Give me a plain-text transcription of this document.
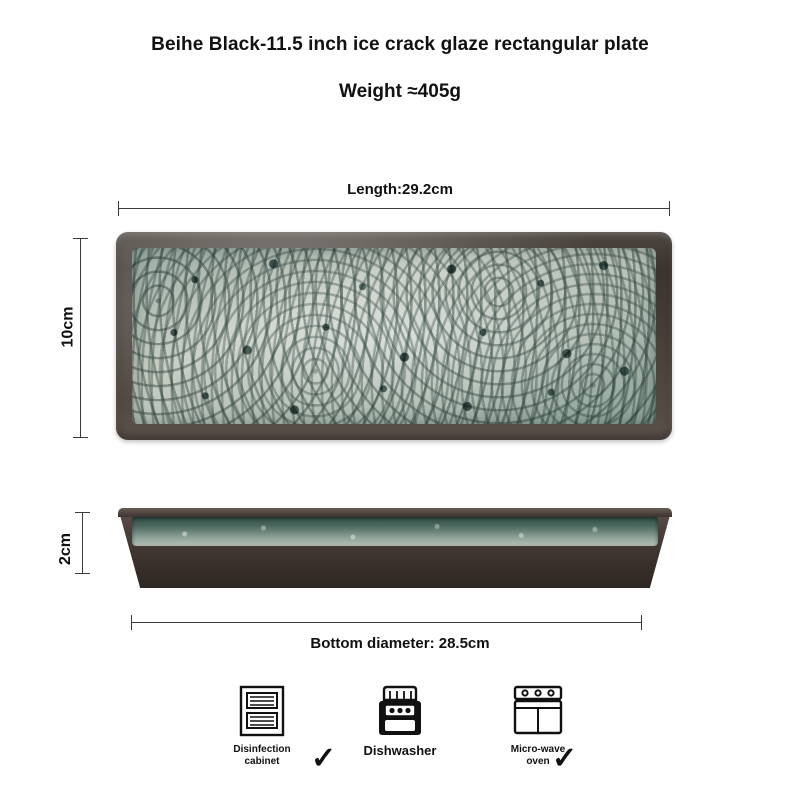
Beihe Black-11.5 inch ice crack glaze rectangular plate
Weight ≈405g
Length:29.2cm
10cm
2cm
Bottom diameter: 28.5cm
Disinfection
cabinet
Dishwasher	Micro-wave
oven
✓	✓
